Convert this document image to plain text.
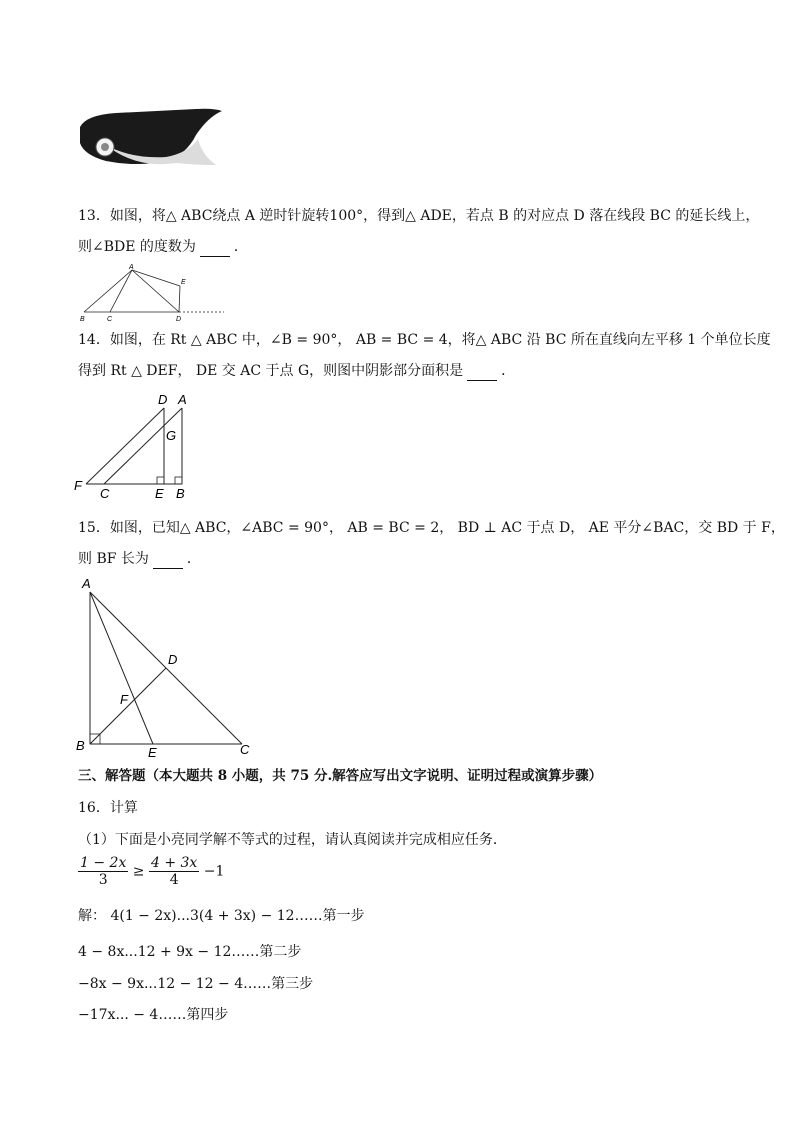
13．如图，将△ ABC绕点 A 逆时针旋转100°，得到△ ADE，若点 B 的对应点 D 落在线段 BC 的延长线上，
则∠BDE 的度数为	．
A
E
B	C	D
14．如图，在 Rt △ ABC 中，∠B = 90°， AB = BC = 4，将△ ABC 沿 BC 所在直线向左平移 1 个单位长度
得到 Rt △ DEF， DE 交 AC 于点 G，则图中阴影部分面积是	．
D A
G
F
C	E B
15．如图，已知△ ABC，∠ABC = 90°， AB = BC = 2， BD ⊥ AC 于点 D， AE 平分∠BAC，交 BD 于 F，
则 BF 长为	．
A
D
F
B	E	C
三、解答题（本大题共 8 小题，共 75 分.解答应写出文字说明、证明过程或演算步骤）
16．计算
（1）下面是小亮同学解不等式的过程，请认真阅读并完成相应任务．
$\frac{1 - 2x}{3} \ge \frac{4 + 3x}{4} -1$
解： 4(1 − 2x)...3(4 + 3x) − 12……第一步
4 − 8x...12 + 9x − 12……第二步
−8x − 9x...12 − 12 − 4……第三步
−17x... − 4……第四步
